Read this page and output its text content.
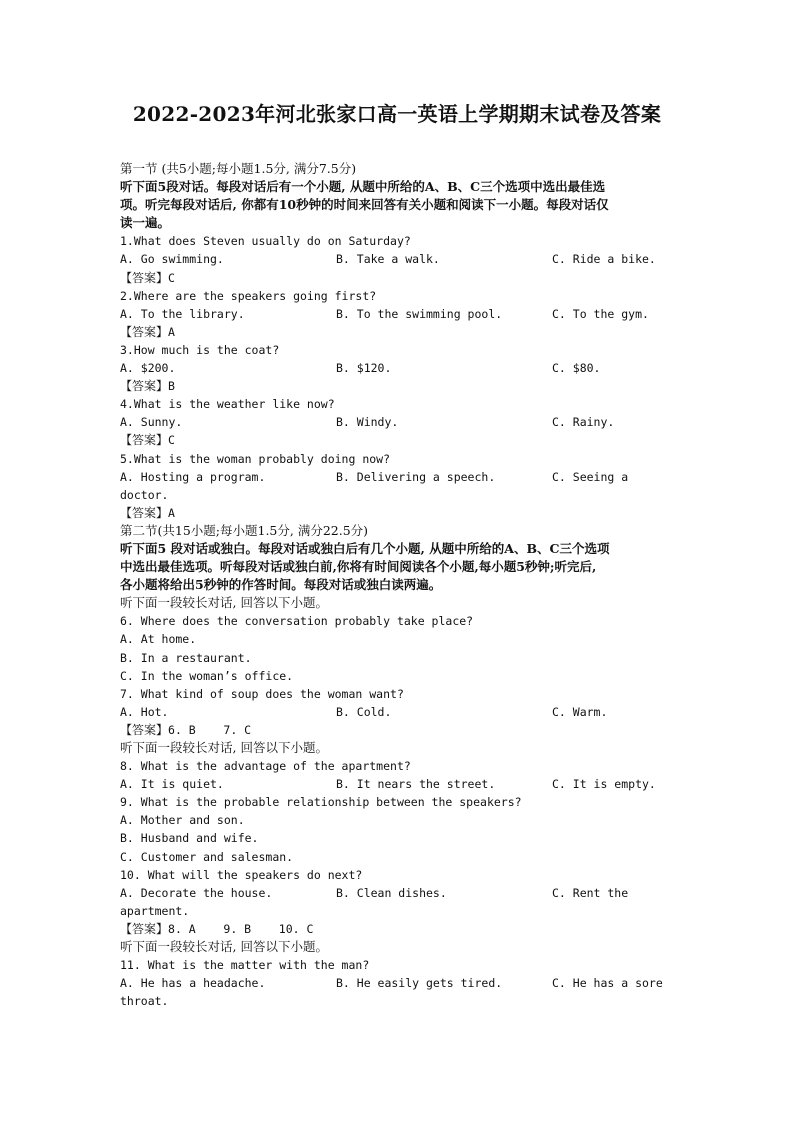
2022-2023年河北张家口高一英语上学期期末试卷及答案
第一节 (共5小题;每小题1.5分, 满分7.5分)
听下面5段对话。每段对话后有一个小题, 从题中所给的A、B、C三个选项中选出最佳选
项。听完每段对话后, 你都有10秒钟的时间来回答有关小题和阅读下一小题。每段对话仅
读一遍。
1.What does Steven usually do on Saturday?
A. Go swimming.	B. Take a walk.	C. Ride a bike.
【答案】C
2.Where are the speakers going first?
A. To the library.	B. To the swimming pool.	C. To the gym.
【答案】A
3.How much is the coat?
A. $200.	B. $120.	C. $80.
【答案】B
4.What is the weather like now?
A. Sunny.	B. Windy.	C. Rainy.
【答案】C
5.What is the woman probably doing now?
A. Hosting a program.	B. Delivering a speech.	C. Seeing a
doctor.
【答案】A
第二节(共15小题;每小题1.5分, 满分22.5分)
听下面5 段对话或独白。每段对话或独白后有几个小题, 从题中所给的A、B、C三个选项
中选出最佳选项。听每段对话或独白前,你将有时间阅读各个小题,每小题5秒钟;听完后,
各小题将给出5秒钟的作答时间。每段对话或独白读两遍。
听下面一段较长对话, 回答以下小题。
6. Where does the conversation probably take place?
A. At home.
B. In a restaurant.
C. In the woman’s office.
7. What kind of soup does the woman want?
A. Hot.	B. Cold.	C. Warm.
【答案】6. B    7. C
听下面一段较长对话, 回答以下小题。
8. What is the advantage of the apartment?
A. It is quiet.	B. It nears the street.	C. It is empty.
9. What is the probable relationship between the speakers?
A. Mother and son.
B. Husband and wife.
C. Customer and salesman.
10. What will the speakers do next?
A. Decorate the house.	B. Clean dishes.	C. Rent the
apartment.
【答案】8. A    9. B    10. C
听下面一段较长对话, 回答以下小题。
11. What is the matter with the man?
A. He has a headache.	B. He easily gets tired.	C. He has a sore
throat.
